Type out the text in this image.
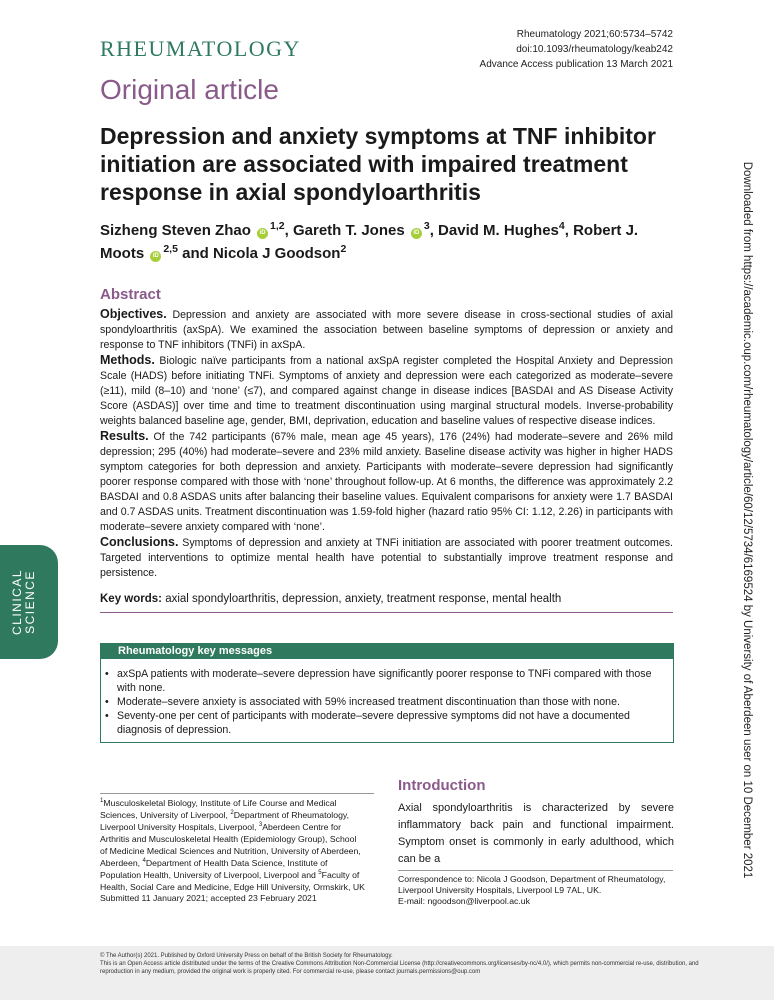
RHEUMATOLOGY
Rheumatology 2021;60:5734–5742
doi:10.1093/rheumatology/keab242
Advance Access publication 13 March 2021
Original article
Depression and anxiety symptoms at TNF inhibitor initiation are associated with impaired treatment response in axial spondyloarthritis
Sizheng Steven Zhao iD$^{1,2}$, Gareth T. Jones $iD^3$, David M. Hughes$^4$, Robert J. Moots iD$^{2,5}$ and Nicola J Goodson$^2$
Abstract

Objectives. Depression and anxiety are associated with more severe disease in cross-sectional studies of axial spondyloarthritis (axSpA). We examined the association between baseline symptoms of depression or anxiety and response to TNF inhibitors (TNFi) in axSpA.

Methods. Biologic naïve participants from a national axSpA register completed the Hospital Anxiety and Depression Scale (HADS) before initiating TNFi. Symptoms of anxiety and depression were each categorized as moderate–severe (≥11), mild (8–10) and ‘none’ (≤7), and compared against change in disease indices [BASDAI and AS Disease Activity Score (ASDAS)] over time and time to treatment discontinuation using marginal structural models. Inverse-probability weights balanced baseline age, gender, BMI, deprivation, education and baseline values of respective disease indices.

Results. Of the 742 participants (67% male, mean age 45 years), 176 (24%) had moderate–severe and 26% mild depression; 295 (40%) had moderate–severe and 23% mild anxiety. Baseline disease activity was higher in higher HADS symptom categories for both depression and anxiety. Participants with moderate–severe depression had significantly poorer response compared with those with ‘none’ throughout follow-up. At 6 months, the difference was approximately 2.2 BASDAI and 0.8 ASDAS units after balancing their baseline values. Equivalent comparisons for anxiety were 1.7 BASDAI and 0.7 ASDAS units. Treatment discontinuation was 1.59-fold higher (hazard ratio 95% CI: 1.12, 2.26) in participants with moderate–severe anxiety compared with ‘none’.

Conclusions. Symptoms of depression and anxiety at TNFi initiation are associated with poorer treatment outcomes. Targeted interventions to optimize mental health have potential to substantially improve treatment response and persistence.

Key words: axial spondyloarthritis, depression, anxiety, treatment response, mental health

CLINICAL SCIENCE
Rheumatology key messages
• axSpA patients with moderate–severe depression have significantly poorer response to TNFi compared with those with none.
• Moderate–severe anxiety is associated with 59% increased treatment discontinuation than those with none.
• Seventy-one per cent of participants with moderate–severe depressive symptoms did not have a documented diagnosis of depression.
$^1$Musculoskeletal Biology, Institute of Life Course and Medical Sciences, University of Liverpool, $^2$Department of Rheumatology, Liverpool University Hospitals, Liverpool, $^3$Aberdeen Centre for Arthritis and Musculoskeletal Health (Epidemiology Group), School of Medicine Medical Sciences and Nutrition, University of Aberdeen, Aberdeen, $^4$Department of Health Data Science, Institute of Population Health, University of Liverpool, Liverpool and $^5$Faculty of Health, Social Care and Medicine, Edge Hill University, Ormskirk, UK
Submitted 11 January 2021; accepted 23 February 2021
Introduction
Axial spondyloarthritis is characterized by severe inflammatory back pain and functional impairment. Symptom onset is commonly in early adulthood, which can be a
Correspondence to: Nicola J Goodson, Department of Rheumatology, Liverpool University Hospitals, Liverpool L9 7AL, UK.
E-mail: ngoodson@liverpool.ac.uk
Downloaded from https://academic.oup.com/rheumatology/article/60/12/5734/6169524 by University of Aberdeen user on 10 December 2021
© The Author(s) 2021. Published by Oxford University Press on behalf of the British Society for Rheumatology.
This is an Open Access article distributed under the terms of the Creative Commons Attribution Non-Commercial License (http://creativecommons.org/licenses/by-nc/4.0/), which permits non-commercial re-use, distribution, and reproduction in any medium, provided the original work is properly cited. For commercial re-use, please contact journals.permissions@oup.com
